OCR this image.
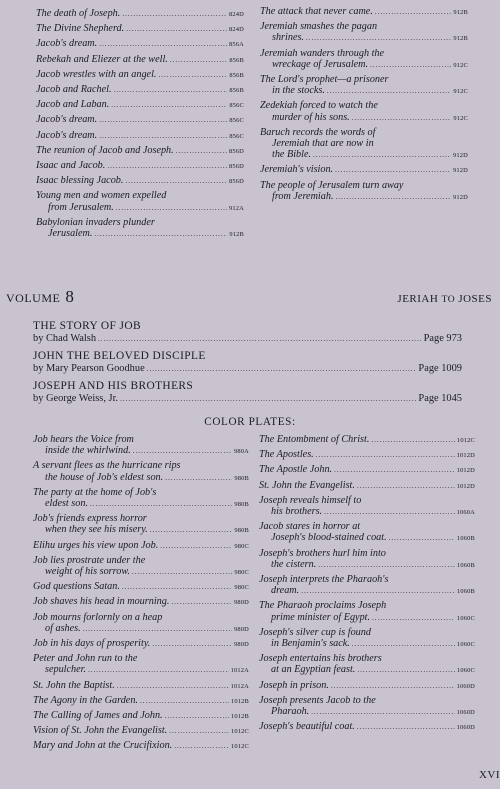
The death of Joseph. .....	824D
The Divine Shepherd. .....	824D
Jacob's dream. .....	856A
Rebekah and Eliezer at the well. .....	856B
Jacob wrestles with an angel. .....	856B
Jacob and Rachel. .....	856B
Jacob and Laban. .....	856C
Jacob's dream. .....	856C
Jacob's dream. .....	856C
The reunion of Jacob and Joseph. .....	856D
Isaac and Jacob. .....	856D
Isaac blessing Jacob. .....	856D
Young men and women expelled
from Jerusalem. .....	912A
Babylonian invaders plunder
Jerusalem. .....	912B
The attack that never came. .....	912B
Jeremiah smashes the pagan
shrines. .....	912B
Jeremiah wanders through the
wreckage of Jerusalem. .....	912C
The Lord's prophet—a prisoner
in the stocks. .....	912C
Zedekiah forced to watch the
murder of his sons. .....	912C
Baruch records the words of
Jeremiah that are now in
the Bible. .....	912D
Jeremiah's vision. .....	912D
The people of Jerusalem turn away
from Jeremiah. .....	912D
VOLUME 8	JERIAH TO JOSES
THE STORY OF JOB
by Chad Walsh .....	Page 973
JOHN THE BELOVED DISCIPLE
by Mary Pearson Goodhue .....	Page 1009
JOSEPH AND HIS BROTHERS
by George Weiss, Jr. .....	Page 1045
COLOR PLATES:
Job hears the Voice from
inside the whirlwind. .....	980A
A servant flees as the hurricane rips
the house of Job's eldest son. .....	980B
The party at the home of Job's
eldest son. .....	980B
Job's friends express horror
when they see his misery. .....	980B
Elihu urges his view upon Job. .....	980C
Job lies prostrate under the
weight of his sorrow. .....	980C
God questions Satan. .....	980C
Job shaves his head in mourning. .....	980D
Job mourns forlornly on a heap
of ashes. .....	980D
Job in his days of prosperity. .....	980D
Peter and John run to the
sepulcher. .....	1012A
St. John the Baptist. .....	1012A
The Agony in the Garden. .....	1012B
The Calling of James and John. .....	1012B
Vision of St. John the Evangelist. .....	1012C
Mary and John at the Crucifixion. .....	1012C
The Entombment of Christ. .....	1012C
The Apostles. .....	1012D
The Apostle John. .....	1012D
St. John the Evangelist. .....	1012D
Joseph reveals himself to
his brothers. .....	1060A
Jacob stares in horror at
Joseph's blood-stained coat. .....	1060B
Joseph's brothers hurl him into
the cistern. .....	1060B
Joseph interprets the Pharaoh's
dream. .....	1060B
The Pharaoh proclaims Joseph
prime minister of Egypt. .....	1060C
Joseph's silver cup is found
in Benjamin's sack. .....	1060C
Joseph entertains his brothers
at an Egyptian feast. .....	1060C
Joseph in prison. .....	1060D
Joseph presents Jacob to the
Pharaoh. .....	1060D
Joseph's beautiful coat. .....	1060D
XVI
